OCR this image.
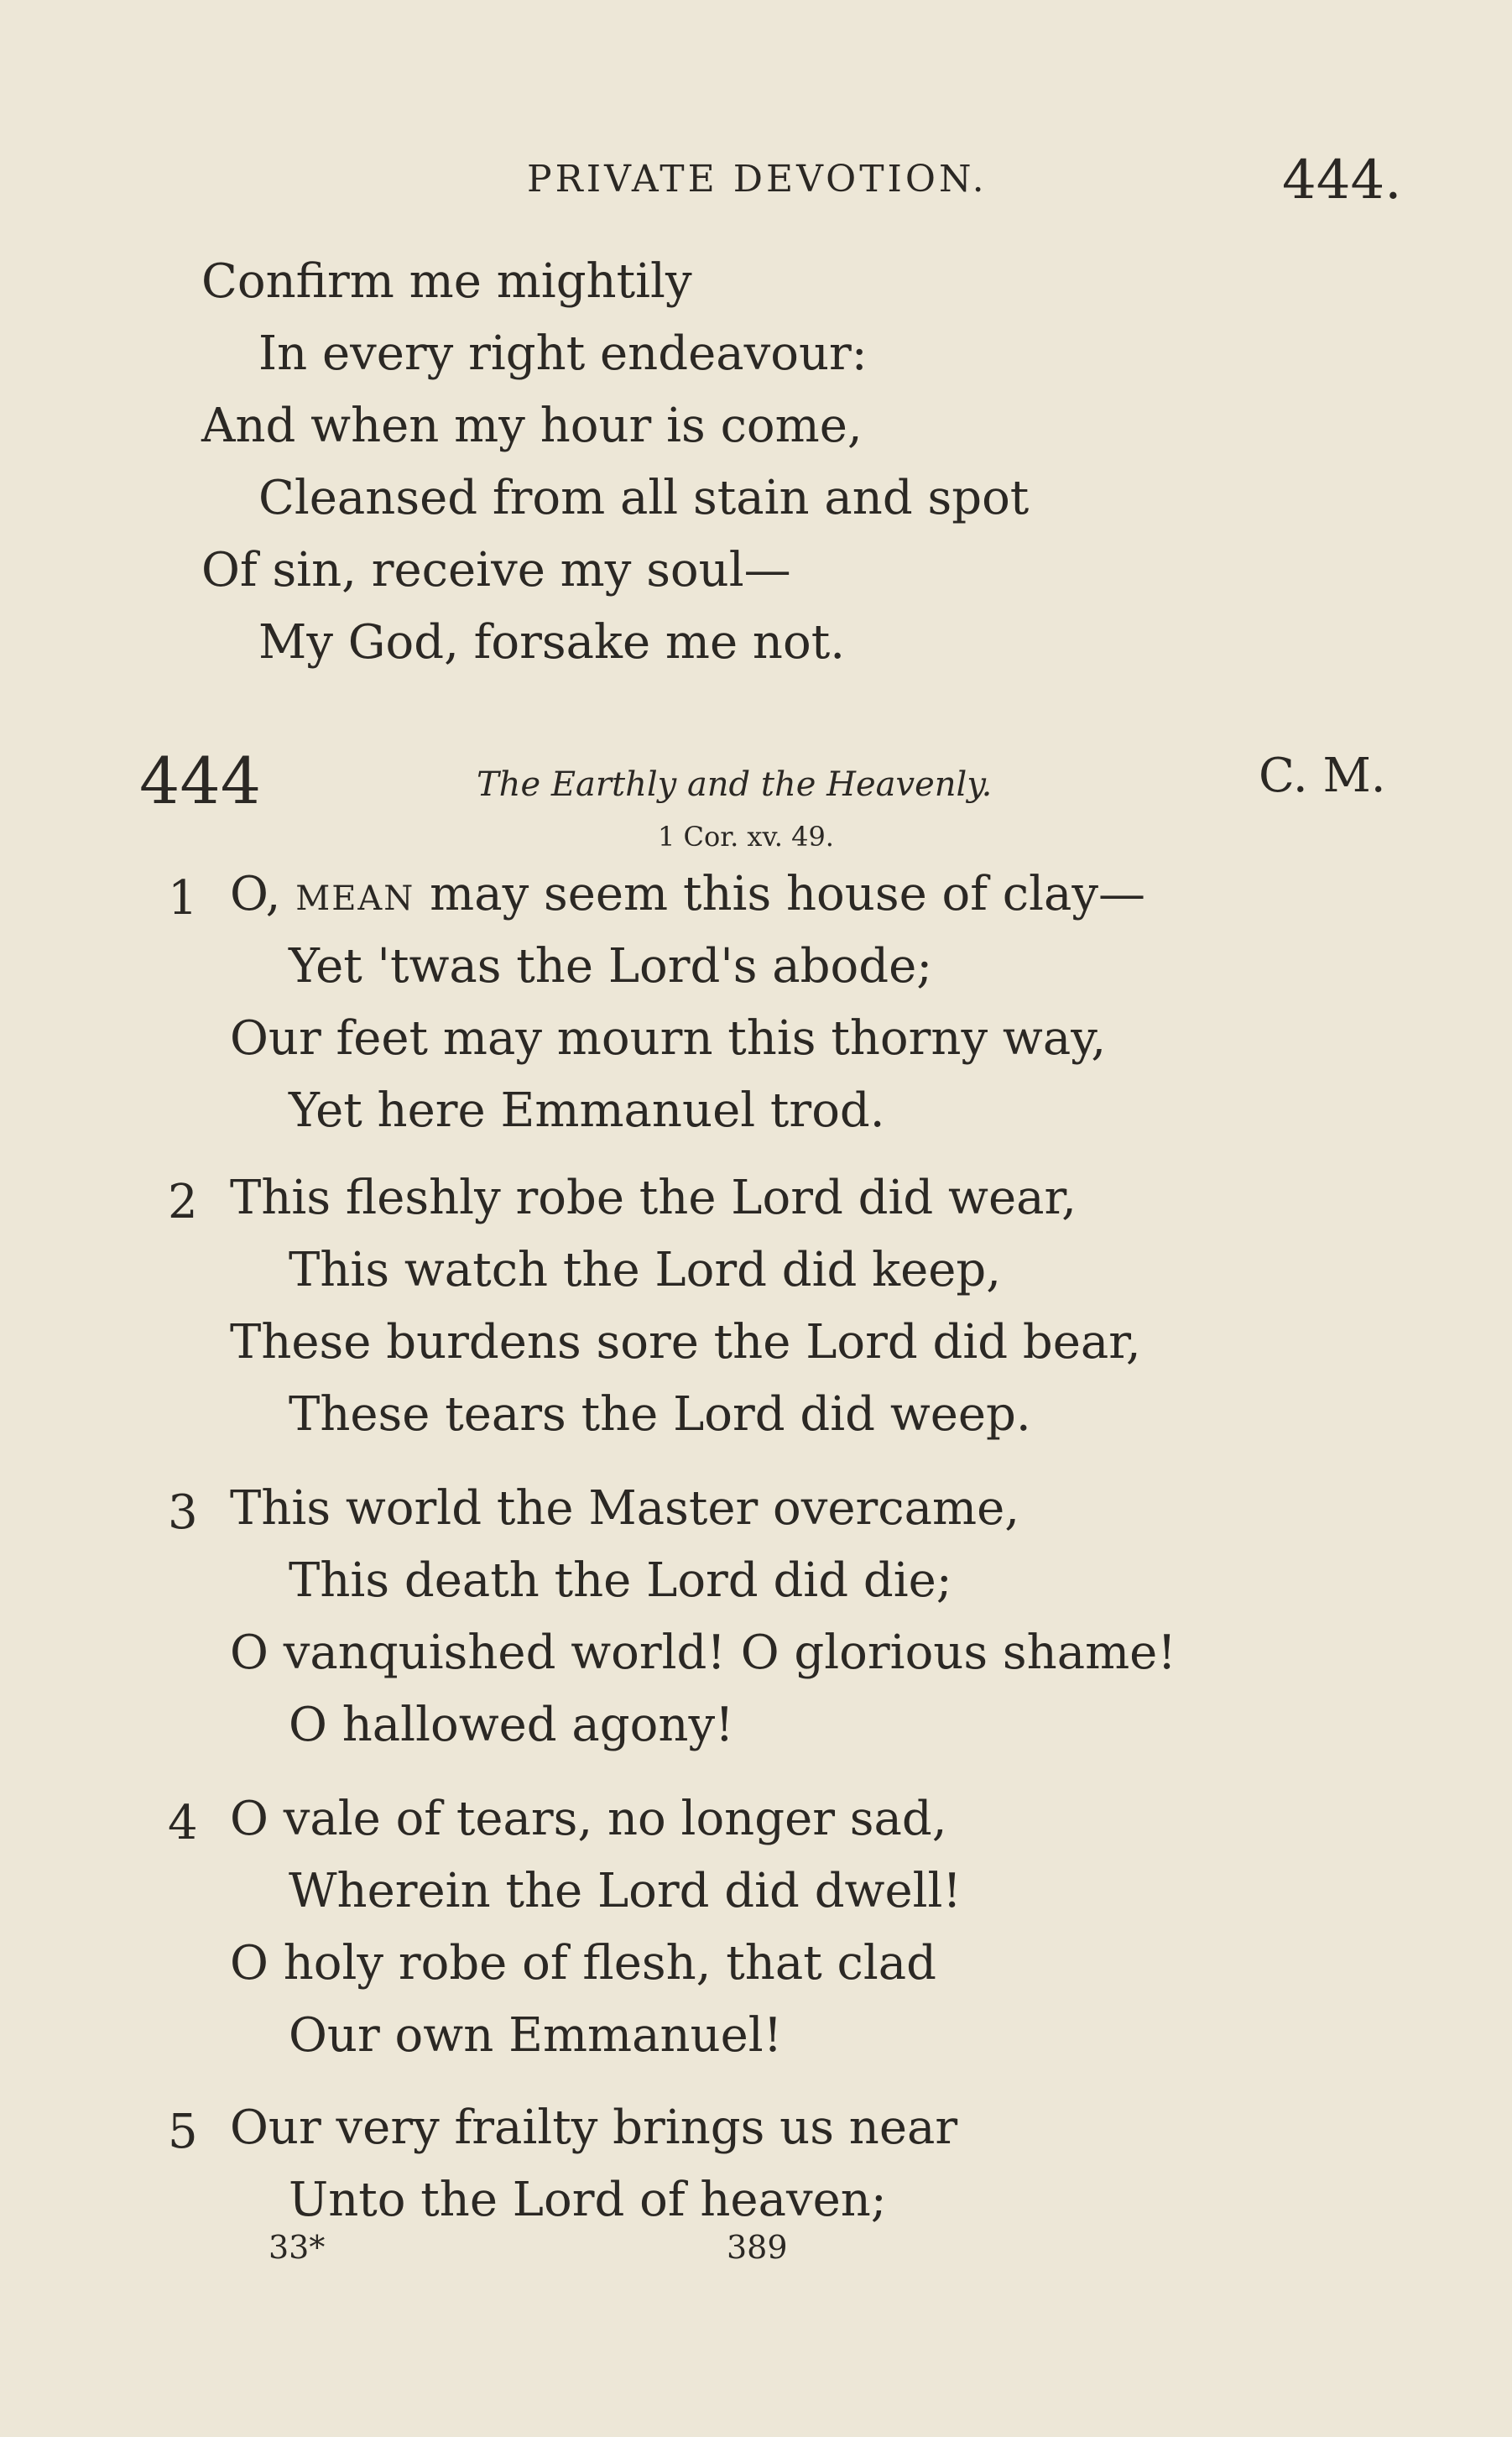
PRIVATE DEVOTION.	444.
Confirm me mightily
In every right endeavour:
And when my hour is come,
Cleansed from all stain and spot
Of sin, receive my soul—
My God, forsake me not.
444	The Earthly and the Heavenly.	C. M.
1 Cor. xv. 49.
1 O, MEAN may seem this house of clay—
Yet 'twas the Lord's abode;
Our feet may mourn this thorny way,
Yet here Emmanuel trod.
2 This fleshly robe the Lord did wear,
This watch the Lord did keep,
These burdens sore the Lord did bear,
These tears the Lord did weep.
3 This world the Master overcame,
This death the Lord did die;
O vanquished world! O glorious shame!
O hallowed agony!
4 O vale of tears, no longer sad,
Wherein the Lord did dwell!
O holy robe of flesh, that clad
Our own Emmanuel!
5 Our very frailty brings us near
Unto the Lord of heaven;
33*	389
